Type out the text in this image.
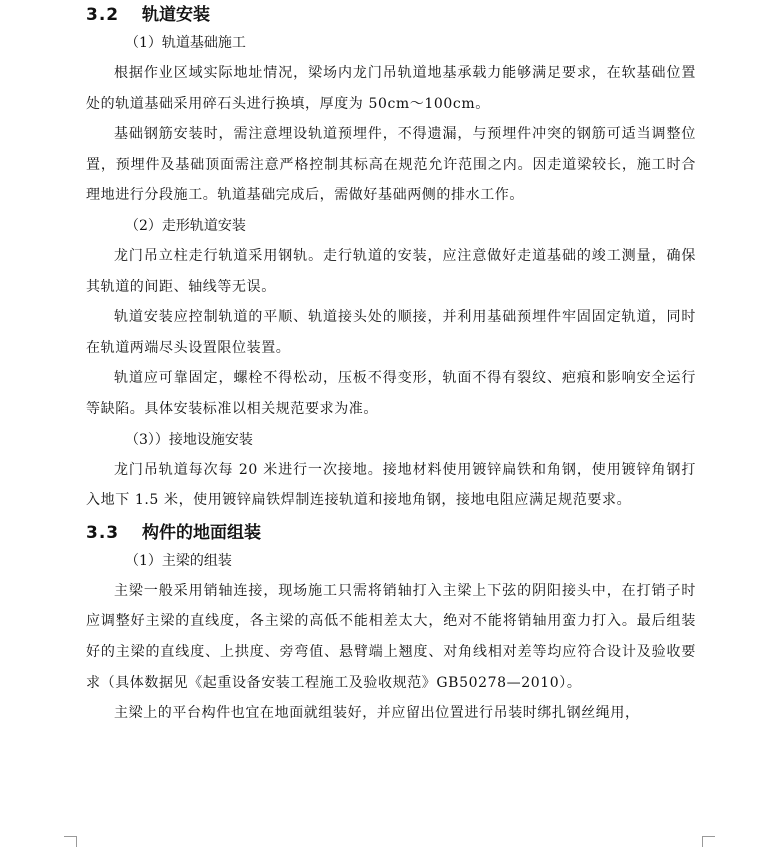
3.2 轨道安装
（1）轨道基础施工

根据作业区域实际地址情况，梁场内龙门吊轨道地基承载力能够满足要求，在软基础位置处的轨道基础采用碎石头进行换填，厚度为 50cm～100cm。

基础钢筋安装时，需注意埋设轨道预埋件，不得遗漏，与预埋件冲突的钢筋可适当调整位置，预埋件及基础顶面需注意严格控制其标高在规范允许范围之内。因走道梁较长，施工时合理地进行分段施工。轨道基础完成后，需做好基础两侧的排水工作。

（2）走形轨道安装

龙门吊立柱走行轨道采用钢轨。走行轨道的安装，应注意做好走道基础的竣工测量，确保其轨道的间距、轴线等无误。

轨道安装应控制轨道的平顺、轨道接头处的顺接，并利用基础预埋件牢固固定轨道，同时在轨道两端尽头设置限位装置。

轨道应可靠固定，螺栓不得松动，压板不得变形，轨面不得有裂纹、疤痕和影响安全运行等缺陷。具体安装标准以相关规范要求为准。

（3））接地设施安装

龙门吊轨道每次每 20 米进行一次接地。接地材料使用镀锌扁铁和角钢，使用镀锌角钢打入地下 1.5 米，使用镀锌扁铁焊制连接轨道和接地角钢，接地电阻应满足规范要求。

3.3 构件的地面组装
（1）主梁的组装

主梁一般采用销轴连接，现场施工只需将销轴打入主梁上下弦的阴阳接头中，在打销子时应调整好主梁的直线度，各主梁的高低不能相差太大，绝对不能将销轴用蛮力打入。最后组装好的主梁的直线度、上拱度、旁弯值、悬臂端上翘度、对角线相对差等均应符合设计及验收要求（具体数据见《起重设备安装工程施工及验收规范》GB50278—2010）。

主梁上的平台构件也宜在地面就组装好，并应留出位置进行吊装时绑扎钢丝绳用，
